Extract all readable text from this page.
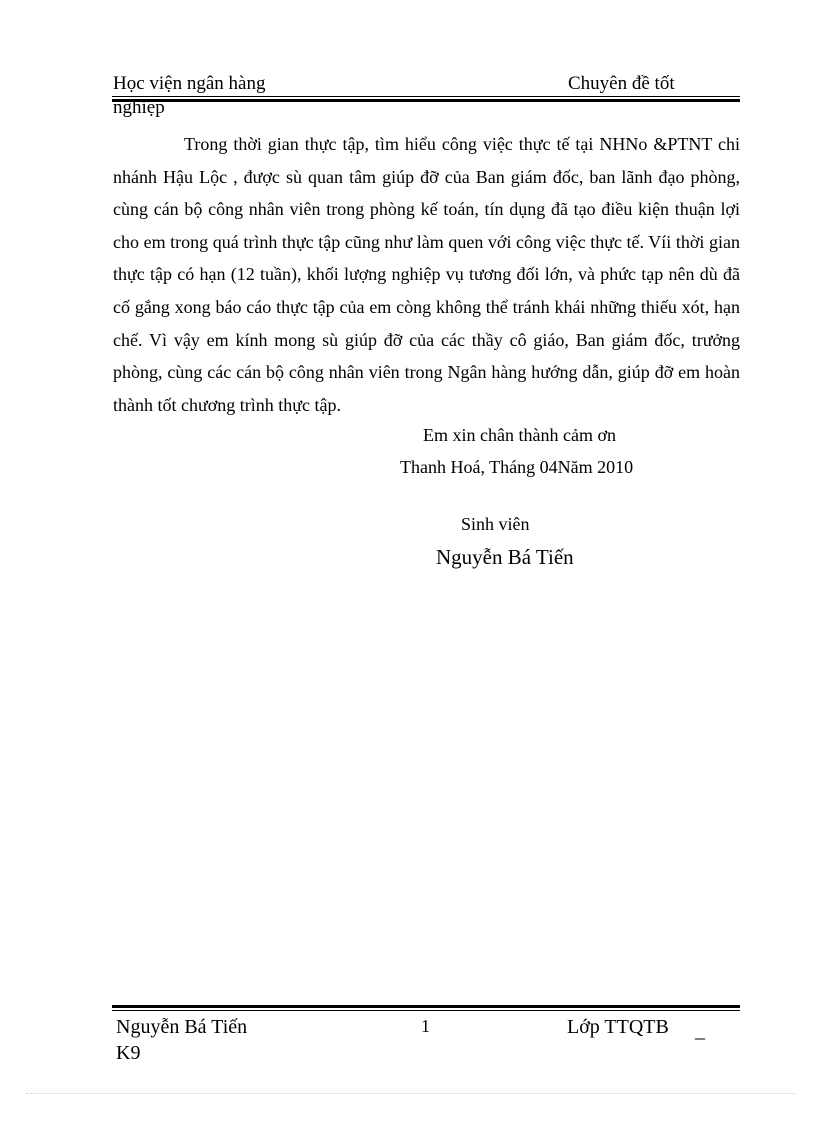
Học viện ngân hàng	Chuyên đề tốt
nghiệp

Trong thời gian thực tập, tìm hiểu công việc thực tế tại NHNo &PTNT chi nhánh Hậu Lộc , được sù quan tâm giúp đỡ của Ban giám đốc, ban lãnh đạo phòng, cùng cán bộ công nhân viên trong phòng kế toán, tín dụng đã tạo điều kiện thuận lợi cho em trong quá trình thực tập cũng như làm quen với công việc thực tế. Víi thời gian thực tập có hạn (12 tuần), khối lượng nghiệp vụ tương đối lớn, và phức tạp nên dù đã cố gắng xong báo cáo thực tập của em còng không thể tránh khái những thiếu xót, hạn chế. Vì vậy em kính mong sù giúp đỡ của các thầy cô giáo, Ban giám đốc, trưởng phòng, cùng các cán bộ công nhân viên trong Ngân hàng hướng dẫn, giúp đỡ em hoàn thành tốt chương trình thực tập.

Em xin chân thành cảm ơn
Thanh Hoá, Tháng 04Năm 2010
Sinh viên
Nguyễn Bá Tiến
Nguyễn Bá Tiến
K9
1	Lớp TTQTB _
